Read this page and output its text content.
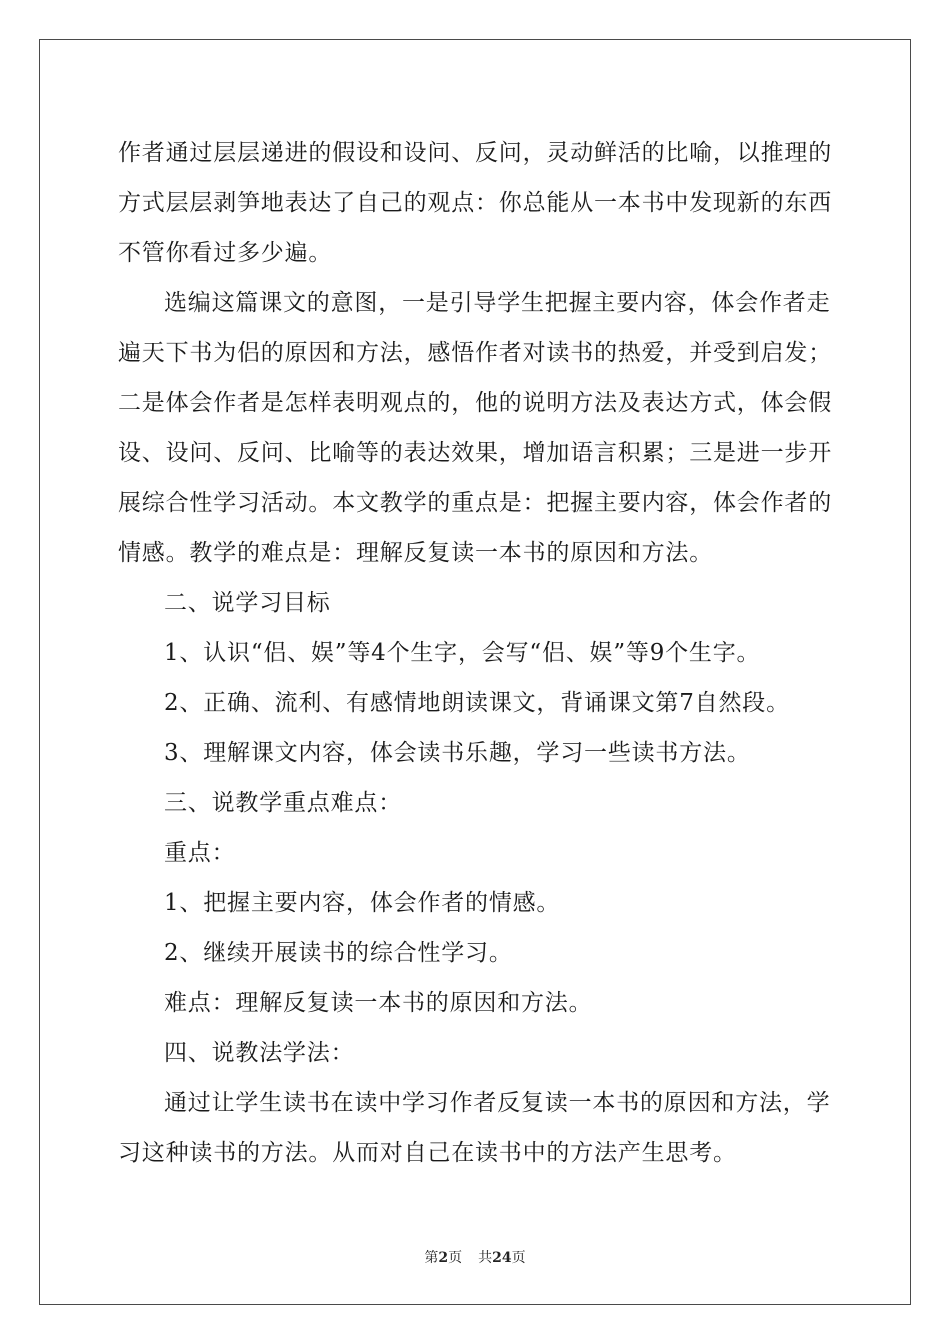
作者通过层层递进的假设和设问、反问，灵动鲜活的比喻，以推理的

方式层层剥笋地表达了自己的观点：你总能从一本书中发现新的东西

不管你看过多少遍。

选编这篇课文的意图，一是引导学生把握主要内容，体会作者走

遍天下书为侣的原因和方法，感悟作者对读书的热爱，并受到启发；

二是体会作者是怎样表明观点的，他的说明方法及表达方式，体会假

设、设问、反问、比喻等的表达效果，增加语言积累；三是进一步开

展综合性学习活动。本文教学的重点是：把握主要内容，体会作者的

情感。教学的难点是：理解反复读一本书的原因和方法。

二、说学习目标

1、认识“侣、娱”等4个生字，会写“侣、娱”等9个生字。

2、正确、流利、有感情地朗读课文，背诵课文第7自然段。

3、理解课文内容，体会读书乐趣，学习一些读书方法。

三、说教学重点难点：

重点：

1、把握主要内容，体会作者的情感。

2、继续开展读书的综合性学习。

难点：理解反复读一本书的原因和方法。

四、说教法学法：

通过让学生读书在读中学习作者反复读一本书的原因和方法，学

习这种读书的方法。从而对自己在读书中的方法产生思考。

第2页 共24页
